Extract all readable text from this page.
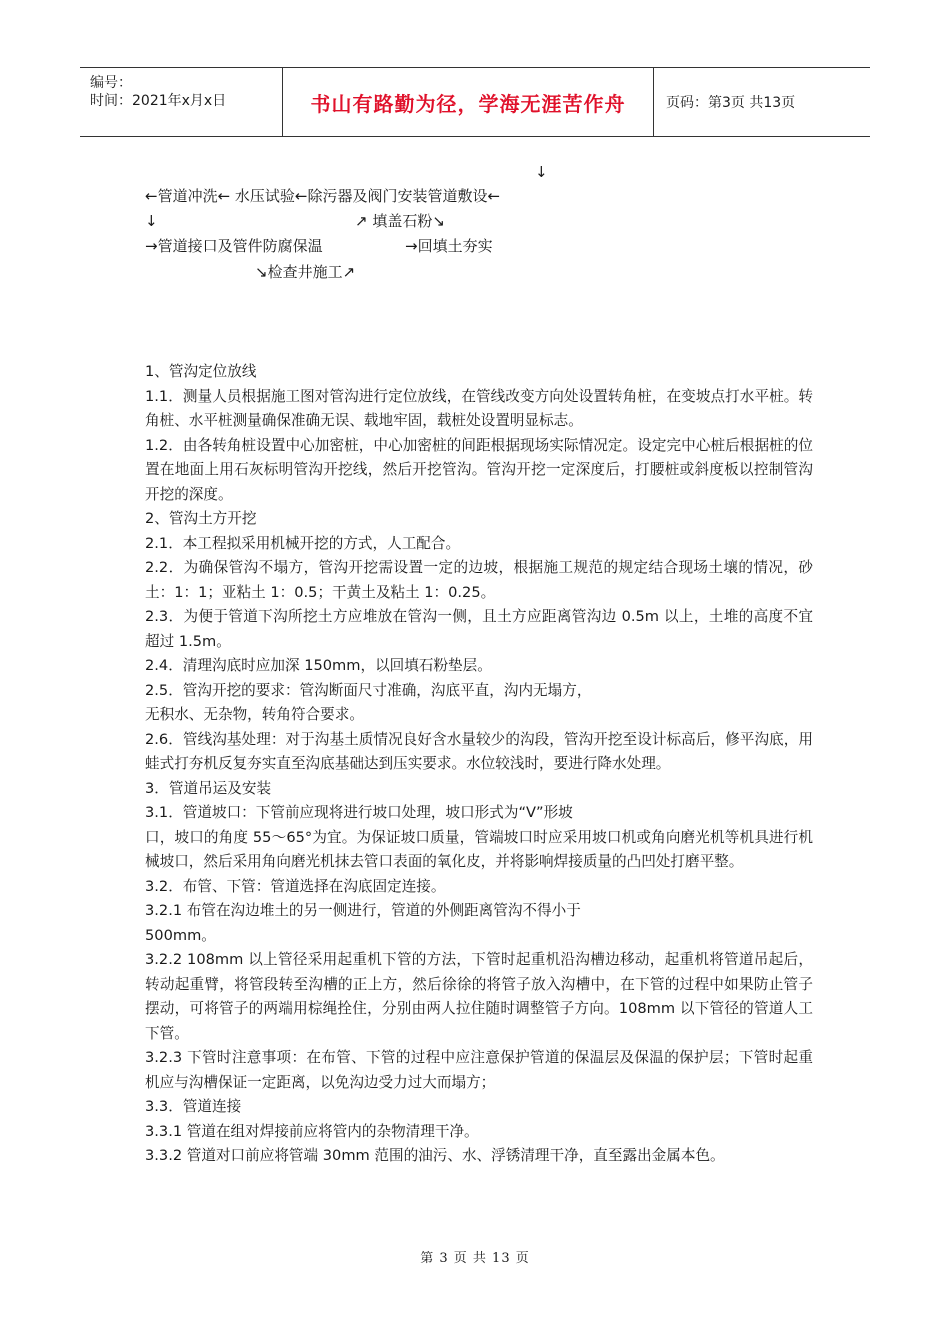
编号：
时间：2021年x月x日	书山有路勤为径，学海无涯苦作舟	页码：第3页 共13页
↓
←管道冲洗← 水压试验←除污器及阀门安装管道敷设←
↓	↗ 填盖石粉↘
→管道接口及管件防腐保温	→回填土夯实
↘检查井施工↗

1、管沟定位放线

1.1．测量人员根据施工图对管沟进行定位放线，在管线改变方向处设置转角桩，在变坡点打水平桩。转角桩、水平桩测量确保准确无误、载地牢固，载桩处设置明显标志。

1.2．由各转角桩设置中心加密桩，中心加密桩的间距根据现场实际情况定。设定完中心桩后根据桩的位置在地面上用石灰标明管沟开挖线，然后开挖管沟。管沟开挖一定深度后，打腰桩或斜度板以控制管沟开挖的深度。

2、管沟土方开挖

2.1．本工程拟采用机械开挖的方式，人工配合。

2.2．为确保管沟不塌方，管沟开挖需设置一定的边坡，根据施工规范的规定结合现场土壤的情况，砂土：1：1；亚粘土 1：0.5；干黄土及粘土 1：0.25。

2.3．为便于管道下沟所挖土方应堆放在管沟一侧，且土方应距离管沟边 0.5m 以上，土堆的高度不宜超过 1.5m。

2.4．清理沟底时应加深 150mm，以回填石粉垫层。

2.5．管沟开挖的要求：管沟断面尺寸准确，沟底平直，沟内无塌方，

无积水、无杂物，转角符合要求。

2.6．管线沟基处理：对于沟基土质情况良好含水量较少的沟段，管沟开挖至设计标高后，修平沟底，用蛙式打夯机反复夯实直至沟底基础达到压实要求。水位较浅时，要进行降水处理。

3．管道吊运及安装

3.1．管道坡口：下管前应现将进行坡口处理，坡口形式为“V”形坡

口，坡口的角度 55～65°为宜。为保证坡口质量，管端坡口时应采用坡口机或角向磨光机等机具进行机械坡口，然后采用角向磨光机抹去管口表面的氧化皮，并将影响焊接质量的凸凹处打磨平整。

3.2．布管、下管：管道选择在沟底固定连接。

3.2.1 布管在沟边堆土的另一侧进行，管道的外侧距离管沟不得小于

500mm。

3.2.2 108mm 以上管径采用起重机下管的方法，下管时起重机沿沟槽边移动，起重机将管道吊起后，转动起重臂，将管段转至沟槽的正上方，然后徐徐的将管子放入沟槽中，在下管的过程中如果防止管子摆动，可将管子的两端用棕绳拴住，分别由两人拉住随时调整管子方向。108mm 以下管径的管道人工下管。

3.2.3 下管时注意事项：在布管、下管的过程中应注意保护管道的保温层及保温的保护层；下管时起重机应与沟槽保证一定距离，以免沟边受力过大而塌方；

3.3．管道连接

3.3.1 管道在组对焊接前应将管内的杂物清理干净。

3.3.2 管道对口前应将管端 30mm 范围的油污、水、浮锈清理干净，直至露出金属本色。

第 3 页 共 13 页
